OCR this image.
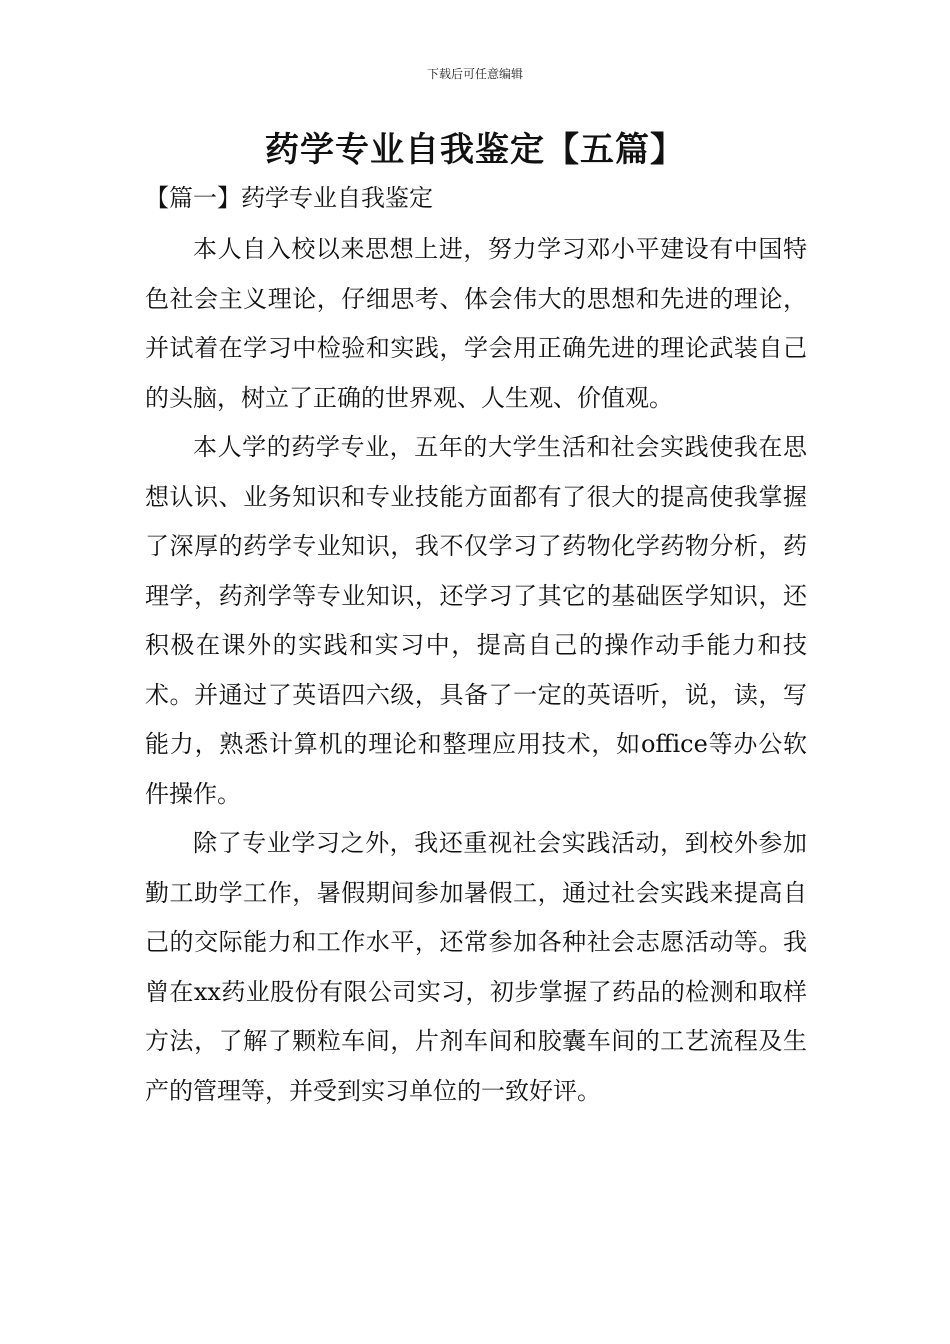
下载后可任意编辑
药学专业自我鉴定【五篇】
【篇一】药学专业自我鉴定

本人自入校以来思想上进，努力学习邓小平建设有中国特色社会主义理论，仔细思考、体会伟大的思想和先进的理论，并试着在学习中检验和实践，学会用正确先进的理论武装自己的头脑，树立了正确的世界观、人生观、价值观。

本人学的药学专业，五年的大学生活和社会实践使我在思想认识、业务知识和专业技能方面都有了很大的提高使我掌握了深厚的药学专业知识，我不仅学习了药物化学药物分析，药理学，药剂学等专业知识，还学习了其它的基础医学知识，还积极在课外的实践和实习中，提高自己的操作动手能力和技术。并通过了英语四六级，具备了一定的英语听，说，读，写能力，熟悉计算机的理论和整理应用技术，如office等办公软件操作。

除了专业学习之外，我还重视社会实践活动，到校外参加勤工助学工作，暑假期间参加暑假工，通过社会实践来提高自己的交际能力和工作水平，还常参加各种社会志愿活动等。我曾在xx药业股份有限公司实习，初步掌握了药品的检测和取样方法，了解了颗粒车间，片剂车间和胶囊车间的工艺流程及生产的管理等，并受到实习单位的一致好评。
